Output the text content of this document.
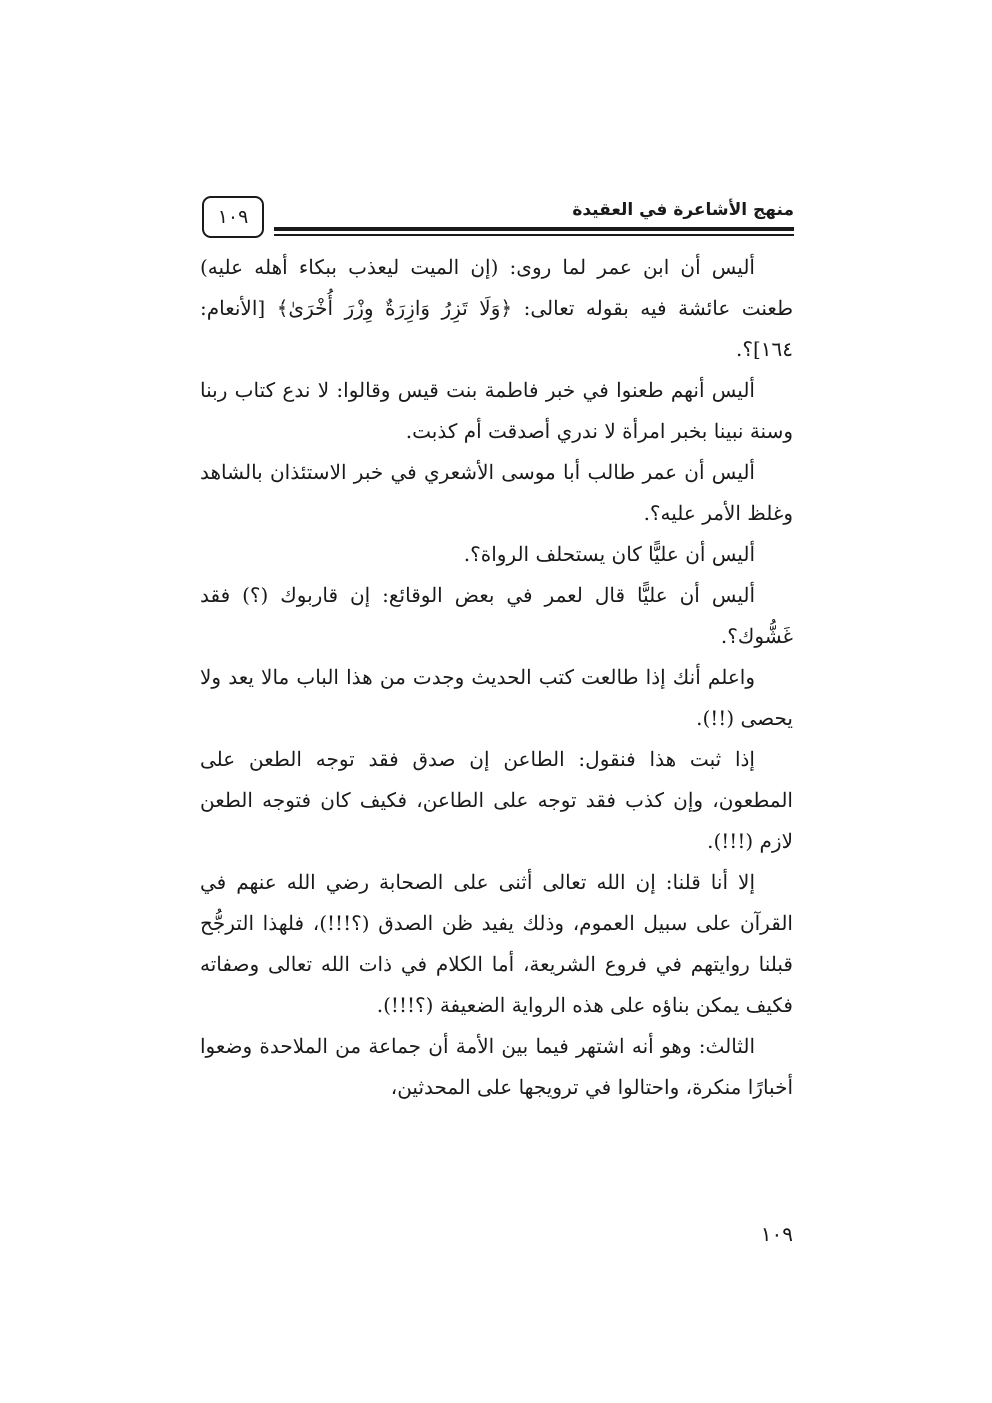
١٠٩	منهج الأشاعرة في العقيدة

أليس أن ابن عمر لما روى: (إن الميت ليعذب ببكاء أهله عليه) طعنت عائشة فيه بقوله تعالى: ﴿وَلَا تَزِرُ وَازِرَةٌ وِزْرَ أُخْرَىٰ﴾ [الأنعام: ١٦٤]؟.

أليس أنهم طعنوا في خبر فاطمة بنت قيس وقالوا: لا ندع كتاب ربنا وسنة نبينا بخبر امرأة لا ندري أصدقت أم كذبت.

أليس أن عمر طالب أبا موسى الأشعري في خبر الاستئذان بالشاهد وغلظ الأمر عليه؟.

أليس أن عليًّا كان يستحلف الرواة؟.

أليس أن عليًّا قال لعمر في بعض الوقائع: إن قاربوك (؟) فقد غَشُّوك؟.

واعلم أنك إذا طالعت كتب الحديث وجدت من هذا الباب مالا يعد ولا يحصى (!!).

إذا ثبت هذا فنقول: الطاعن إن صدق فقد توجه الطعن على المطعون، وإن كذب فقد توجه على الطاعن، فكيف كان فتوجه الطعن لازم (!!!).

إلا أنا قلنا: إن الله تعالى أثنى على الصحابة رضي الله عنهم في القرآن على سبيل العموم، وذلك يفيد ظن الصدق (؟!!!)، فلهذا الترجُّح قبلنا روايتهم في فروع الشريعة، أما الكلام في ذات الله تعالى وصفاته فكيف يمكن بناؤه على هذه الرواية الضعيفة (؟!!!).

الثالث: وهو أنه اشتهر فيما بين الأمة أن جماعة من الملاحدة وضعوا أخبارًا منكرة، واحتالوا في ترويجها على المحدثين،

١٠٩
